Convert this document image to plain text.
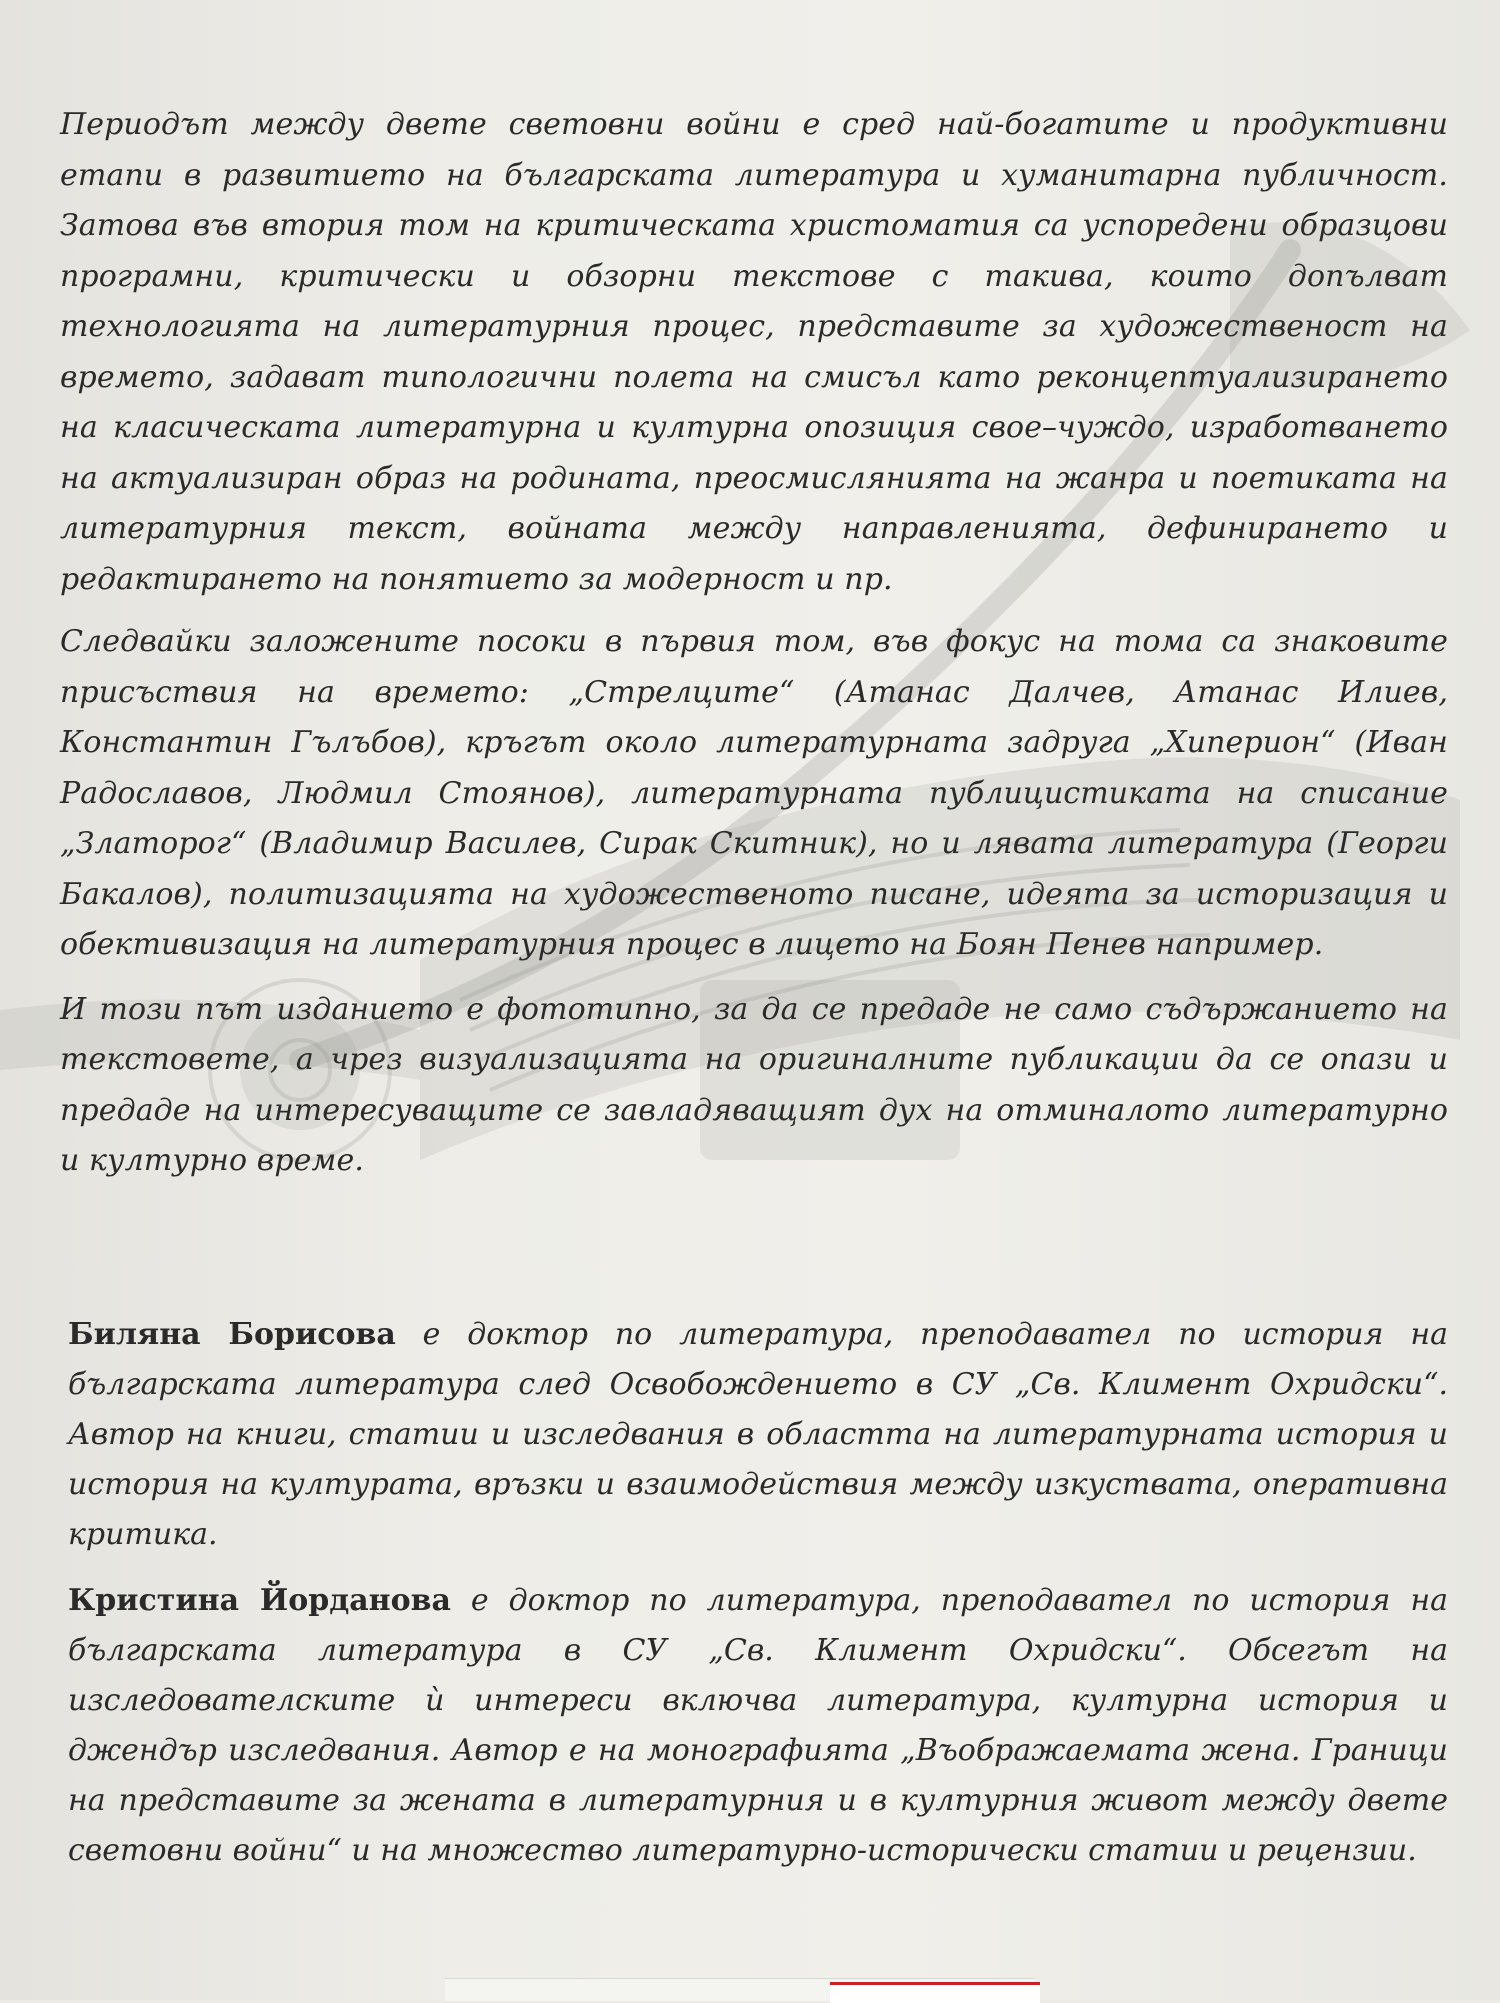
Периодът между двете световни войни е сред най-богатите и продуктивни етапи в развитието на българската литература и хуманитарна публичност. Затова във втория том на критическата христоматия са успоредени образцови програмни, критически и обзорни текстове с такива, които допълват технологията на литературния процес, представите за художественост на времето, задават типологични полета на смисъл като реконцептуализирането на класическата литературна и културна опозиция свое–чуждо, изработването на актуализиран образ на родината, преосмислянията на жанра и поетиката на литературния текст, войната между направленията, дефинирането и редактирането на понятието за модерност и пр.

Следвайки заложените посоки в първия том, във фокус на тома са знаковите присъствия на времето: „Стрелците“ (Атанас Далчев, Атанас Илиев, Константин Гълъбов), кръгът около литературната задруга „Хиперион“ (Иван Радославов, Людмил Стоянов), литературната публицистиката на списание „Златорог“ (Владимир Василев, Сирак Скитник), но и лявата литература (Георги Бакалов), политизацията на художественото писане, идеята за историзация и обективизация на литературния процес в лицето на Боян Пенев например.

И този път изданието е фототипно, за да се предаде не само съдържанието на текстовете, а чрез визуализацията на оригиналните публикации да се опази и предаде на интересуващите се завладяващият дух на отминалото литературно и културно време.

Биляна Борисова е доктор по литература, преподавател по история на българската литература след Освобождението в СУ „Св. Климент Охридски“. Автор на книги, статии и изследвания в областта на литературната история и история на културата, връзки и взаимодействия между изкуствата, оперативна критика.

Кристина Йорданова е доктор по литература, преподавател по история на българската литература в СУ „Св. Климент Охридски“. Обсегът на изследователските ѝ интереси включва литература, културна история и джендър изследвания. Автор е на монографията „Въображаемата жена. Граници на представите за жената в литературния и в културния живот между двете световни войни“ и на множество литературно-исторически статии и рецензии.
